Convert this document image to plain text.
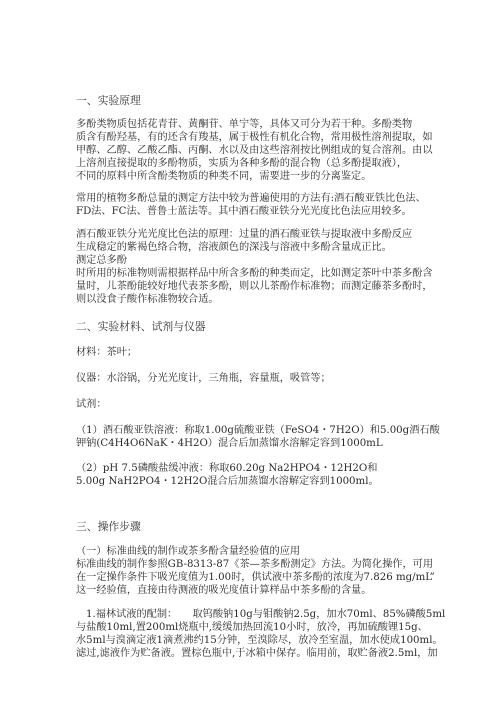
一、实验原理
多酚类物质包括花青苷、黄酮苷、单宁等，具体又可分为若干种。多酚类物
质含有酚羟基，有的还含有羧基，属于极性有机化合物，常用极性溶剂提取，如
甲醇、乙醇、乙酸乙酯、丙酮、水以及由这些溶剂按比例组成的复合溶剂。由以
上溶剂直接提取的多酚物质，实质为各种多酚的混合物（总多酚提取液），
不同的原料中所含酚类物质的种类不同，需要进一步的分离鉴定。
常用的植物多酚总量的测定方法中较为普遍使用的方法有:酒石酸亚铁比色法、
FD法、FC法、普鲁士蓝法等。其中酒石酸亚铁分光光度比色法应用较多。
酒石酸亚铁分光光度比色法的原理：过量的酒石酸亚铁与提取液中多酚反应
生成稳定的紫褐色络合物，溶液颜色的深浅与溶液中多酚含量成正比。
测定总多酚
时所用的标准物则需根据样品中所含多酚的种类而定，比如测定茶叶中茶多酚含
量时，儿茶酚能较好地代表茶多酚，则以儿茶酚作标准物；而测定藤茶多酚时，
则以没食子酸作标准物较合适。
二、实验材料、试剂与仪器
材料：茶叶；
仪器：水浴锅，分光光度计，三角瓶，容量瓶，吸管等；
试剂：
（1）酒石酸亚铁溶液：称取1.00g硫酸亚铁（FeSO4・7H2O）和5.00g酒石酸
钾钠(C4H4O6NaK・4H2O）混合后加蒸馏水溶解定容到1000mL
（2）pH 7.5磷酸盐缓冲液：称取60.20g Na2HPO4・12H2O和
5.00g NaH2PO4・12H2O混合后加蒸馏水溶解定容到1000ml。
三、操作步骤
（一）标准曲线的制作或茶多酚含量经验值的应用
标准曲线的制作参照GB-8313-87《茶—茶多酚测定》方法。为简化操作，可用
在一定操作条件下吸光度值为1.00时，供试液中茶多酚的浓度为7.826 mg/mL”
这一经验值，直接由待测液的吸光度值计算样品中茶多酚的含量。
1.福林试液的配制：　　取钨酸钠10g与钼酸钠2.5g，加水70ml、85%磷酸5ml
与盐酸10ml,置200ml烧瓶中,缓缓加热回流10小时，放冷，再加硫酸锂15g、
水5ml与溴滴定液1滴煮沸约15分钟，至溴除尽，放冷至室温，加水使成100ml。
滤过,滤液作为贮备液。置棕色瓶中,于冰箱中保存。临用前，取贮备液2.5ml，加
